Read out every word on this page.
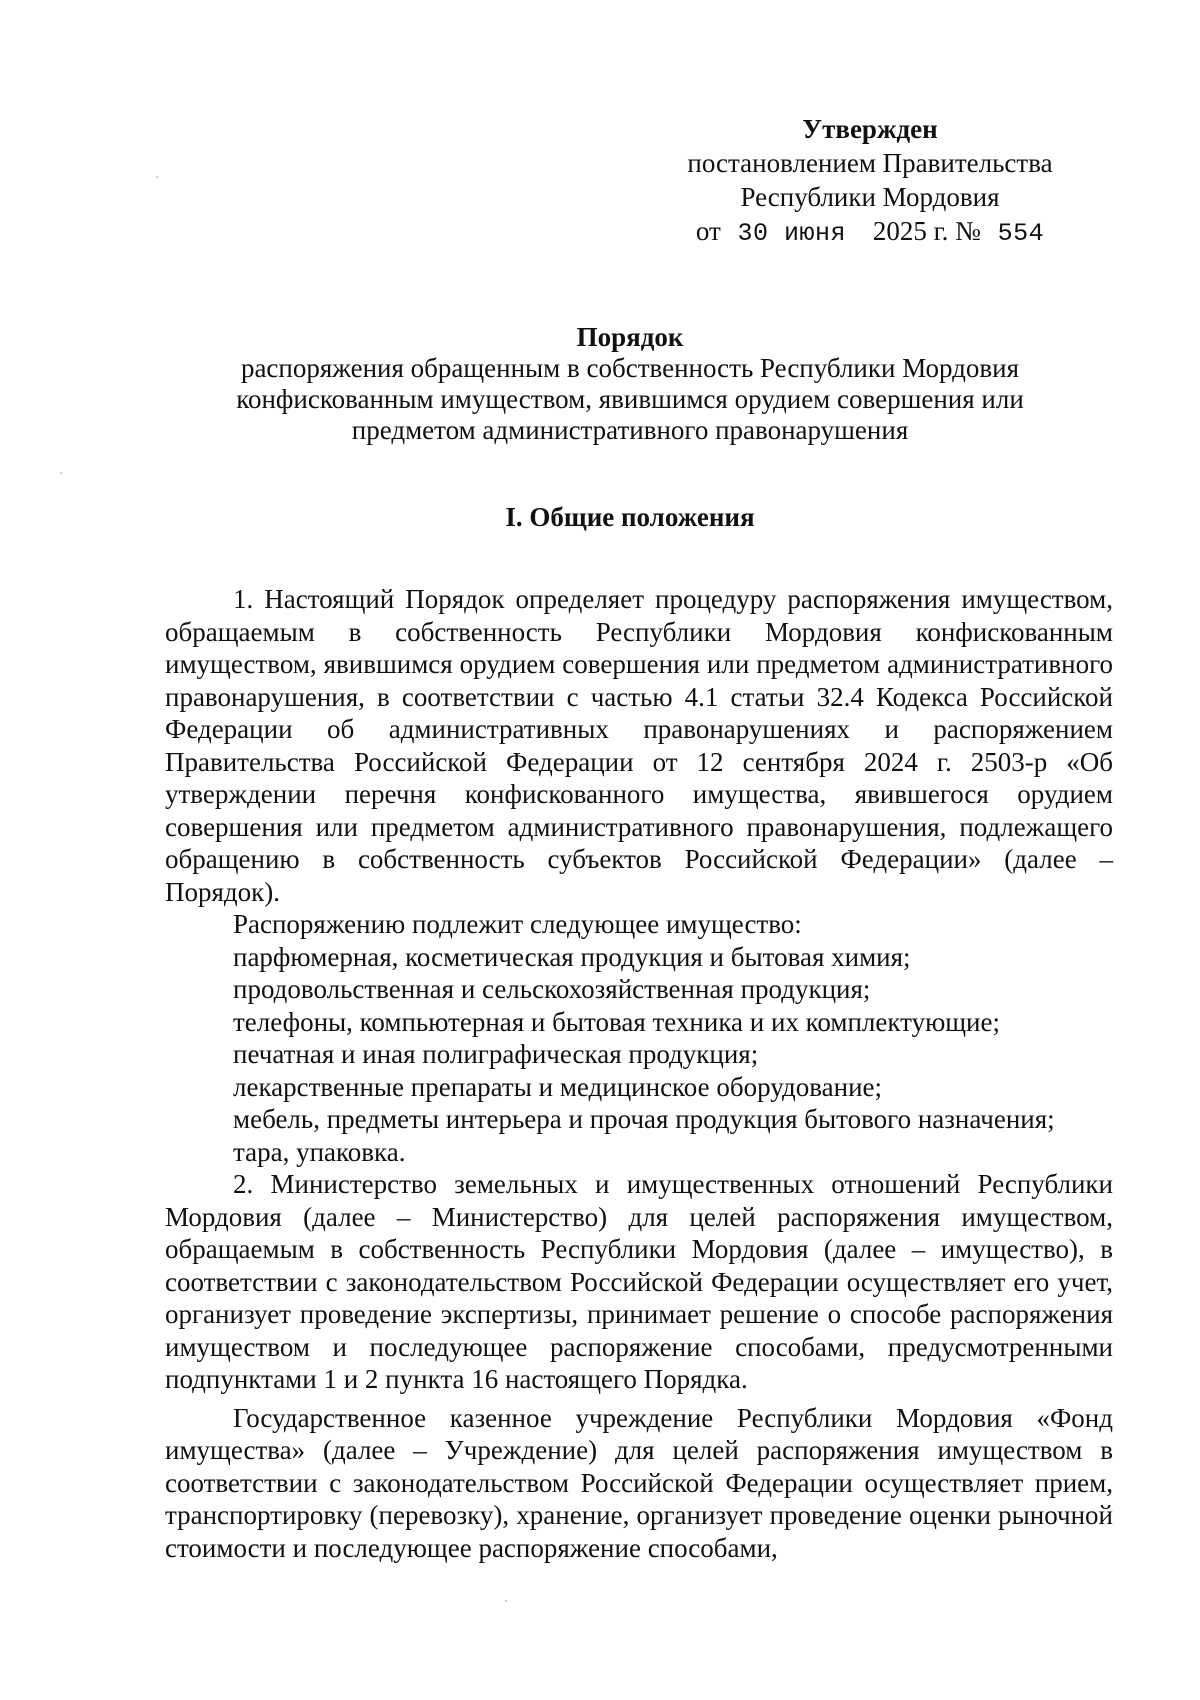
Утвержден
постановлением Правительства
Республики Мордовия
от 30 июня 2025 г. № 554
Порядок
распоряжения обращенным в собственность Республики Мордовия
конфискованным имуществом, явившимся орудием совершения или
предметом административного правонарушения
I. Общие положения

1. Настоящий Порядок определяет процедуру распоряжения имуществом, обращаемым в собственность Республики Мордовия конфискованным имуществом, явившимся орудием совершения или предметом административного правонарушения, в соответствии с частью 4.1 статьи 32.4 Кодекса Российской Федерации об административных правонарушениях и распоряжением Правительства Российской Федерации от 12 сентября 2024 г. 2503-р «Об утверждении перечня конфискованного имущества, явившегося орудием совершения или предметом административного правонарушения, подлежащего обращению в собственность субъектов Российской Федерации» (далее – Порядок).

Распоряжению подлежит следующее имущество:

парфюмерная, косметическая продукция и бытовая химия;

продовольственная и сельскохозяйственная продукция;

телефоны, компьютерная и бытовая техника и их комплектующие;

печатная и иная полиграфическая продукция;

лекарственные препараты и медицинское оборудование;

мебель, предметы интерьера и прочая продукция бытового назначения;

тара, упаковка.

2. Министерство земельных и имущественных отношений Республики Мордовия (далее – Министерство) для целей распоряжения имуществом, обращаемым в собственность Республики Мордовия (далее – имущество), в соответствии с законодательством Российской Федерации осуществляет его учет, организует проведение экспертизы, принимает решение о способе распоряжения имуществом и последующее распоряжение способами, предусмотренными подпунктами 1 и 2 пункта 16 настоящего Порядка.

Государственное казенное учреждение Республики Мордовия «Фонд имущества» (далее – Учреждение) для целей распоряжения имуществом в соответствии с законодательством Российской Федерации осуществляет прием, транспортировку (перевозку), хранение, организует проведение оценки рыночной стоимости и последующее распоряжение способами,
